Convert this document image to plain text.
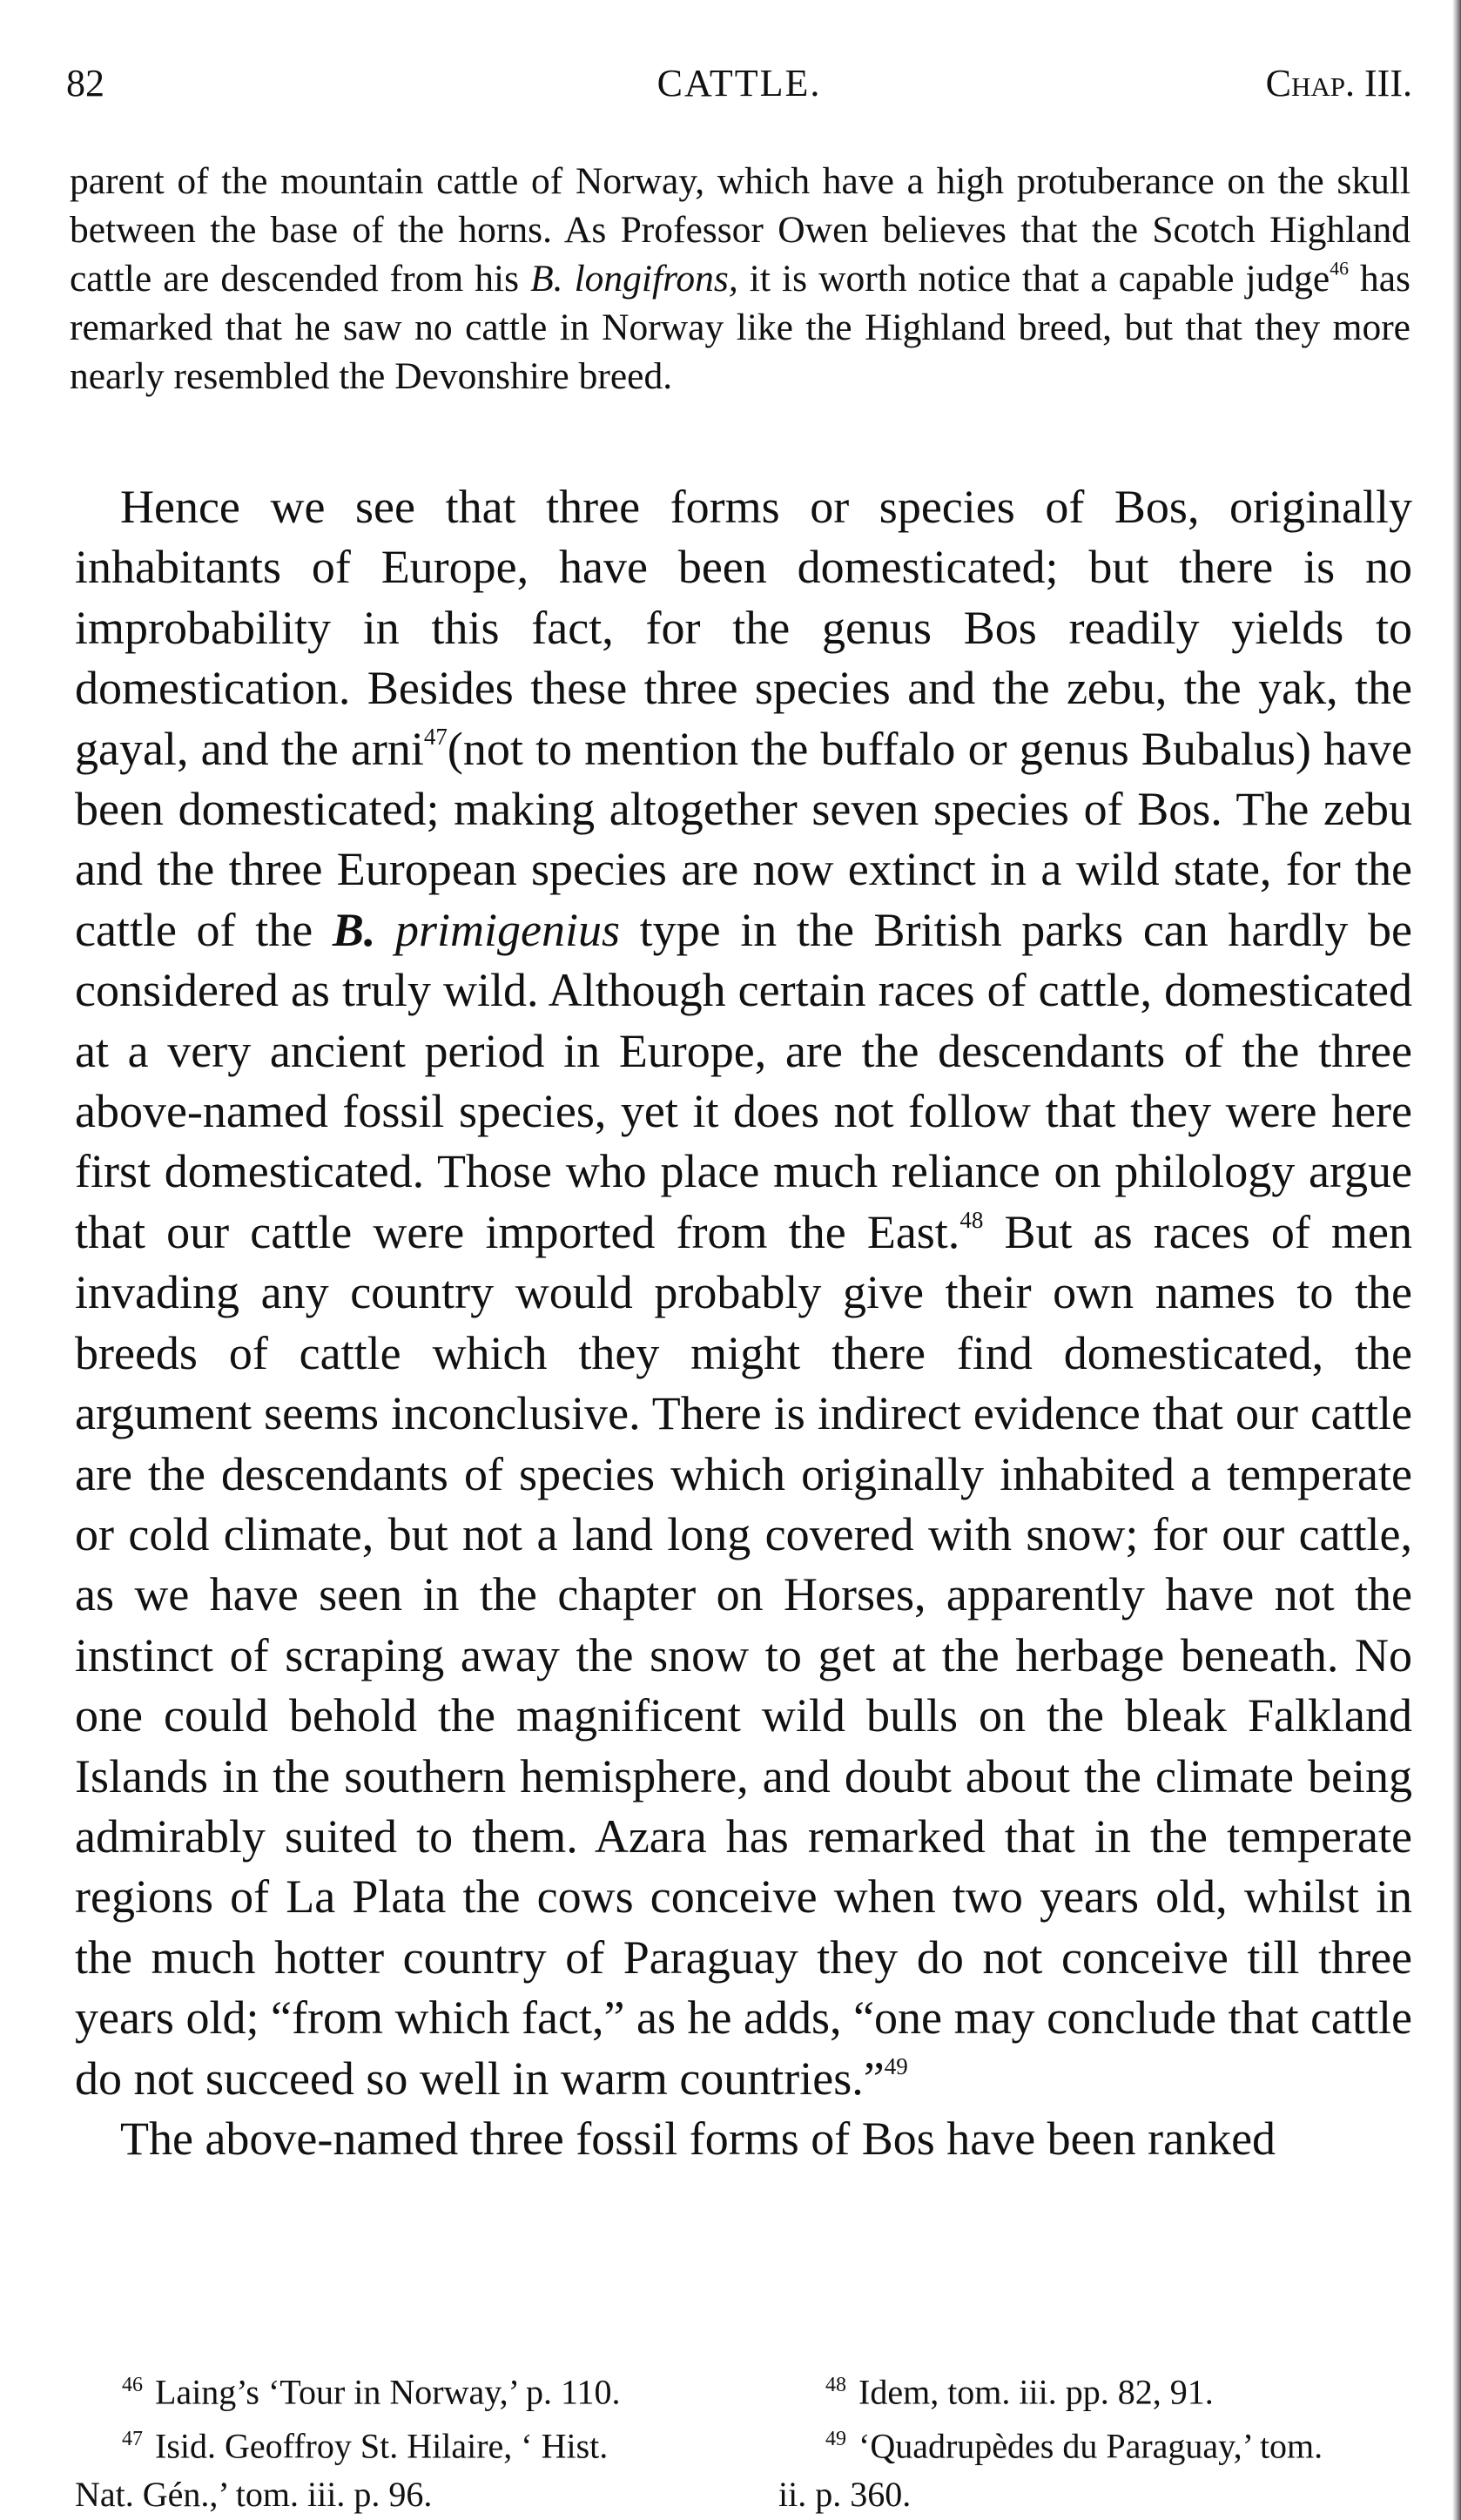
82	CATTLE.	Chap. III.

parent of the mountain cattle of Norway, which have a high protuberance on the skull between the base of the horns. As Professor Owen believes that the Scotch Highland cattle are descended from his B. longifrons, it is worth notice that a capable judge$^{46}$ has remarked that he saw no cattle in Norway like the Highland breed, but that they more nearly resembled the Devonshire breed.

Hence we see that three forms or species of Bos, originally inhabitants of Europe, have been domesticated; but there is no improbability in this fact, for the genus Bos readily yields to domestication. Besides these three species and the zebu, the yak, the gayal, and the arni$^{47}$(not to mention the buffalo or genus Bubalus) have been domesticated; making altogether seven species of Bos. The zebu and the three European species are now extinct in a wild state, for the cattle of the B. primigenius type in the British parks can hardly be considered as truly wild. Although certain races of cattle, domesticated at a very ancient period in Europe, are the descendants of the three above-named fossil species, yet it does not follow that they were here first domesticated. Those who place much reliance on philology argue that our cattle were imported from the East.$^{48}$ But as races of men invading any country would probably give their own names to the breeds of cattle which they might there find domesticated, the argument seems inconclusive. There is indirect evidence that our cattle are the descendants of species which originally inhabited a temperate or cold climate, but not a land long covered with snow; for our cattle, as we have seen in the chapter on Horses, apparently have not the instinct of scraping away the snow to get at the herbage beneath. No one could behold the magnificent wild bulls on the bleak Falkland Islands in the southern hemisphere, and doubt about the climate being admirably suited to them. Azara has remarked that in the temperate regions of La Plata the cows conceive when two years old, whilst in the much hotter country of Paraguay they do not conceive till three years old; “from which fact,” as he adds, “one may conclude that cattle do not succeed so well in warm countries.”$^{49}$

The above-named three fossil forms of Bos have been ranked

$^{46}$ Laing’s ‘Tour in Norway,’ p. 110.

$^{47}$ Isid. Geoffroy St. Hilaire, ‘ Hist.
Nat. Gén.,’ tom. iii. p. 96.

$^{48}$ Idem, tom. iii. pp. 82, 91.

$^{49}$ ‘Quadrupèdes du Paraguay,’ tom.
ii. p. 360.
